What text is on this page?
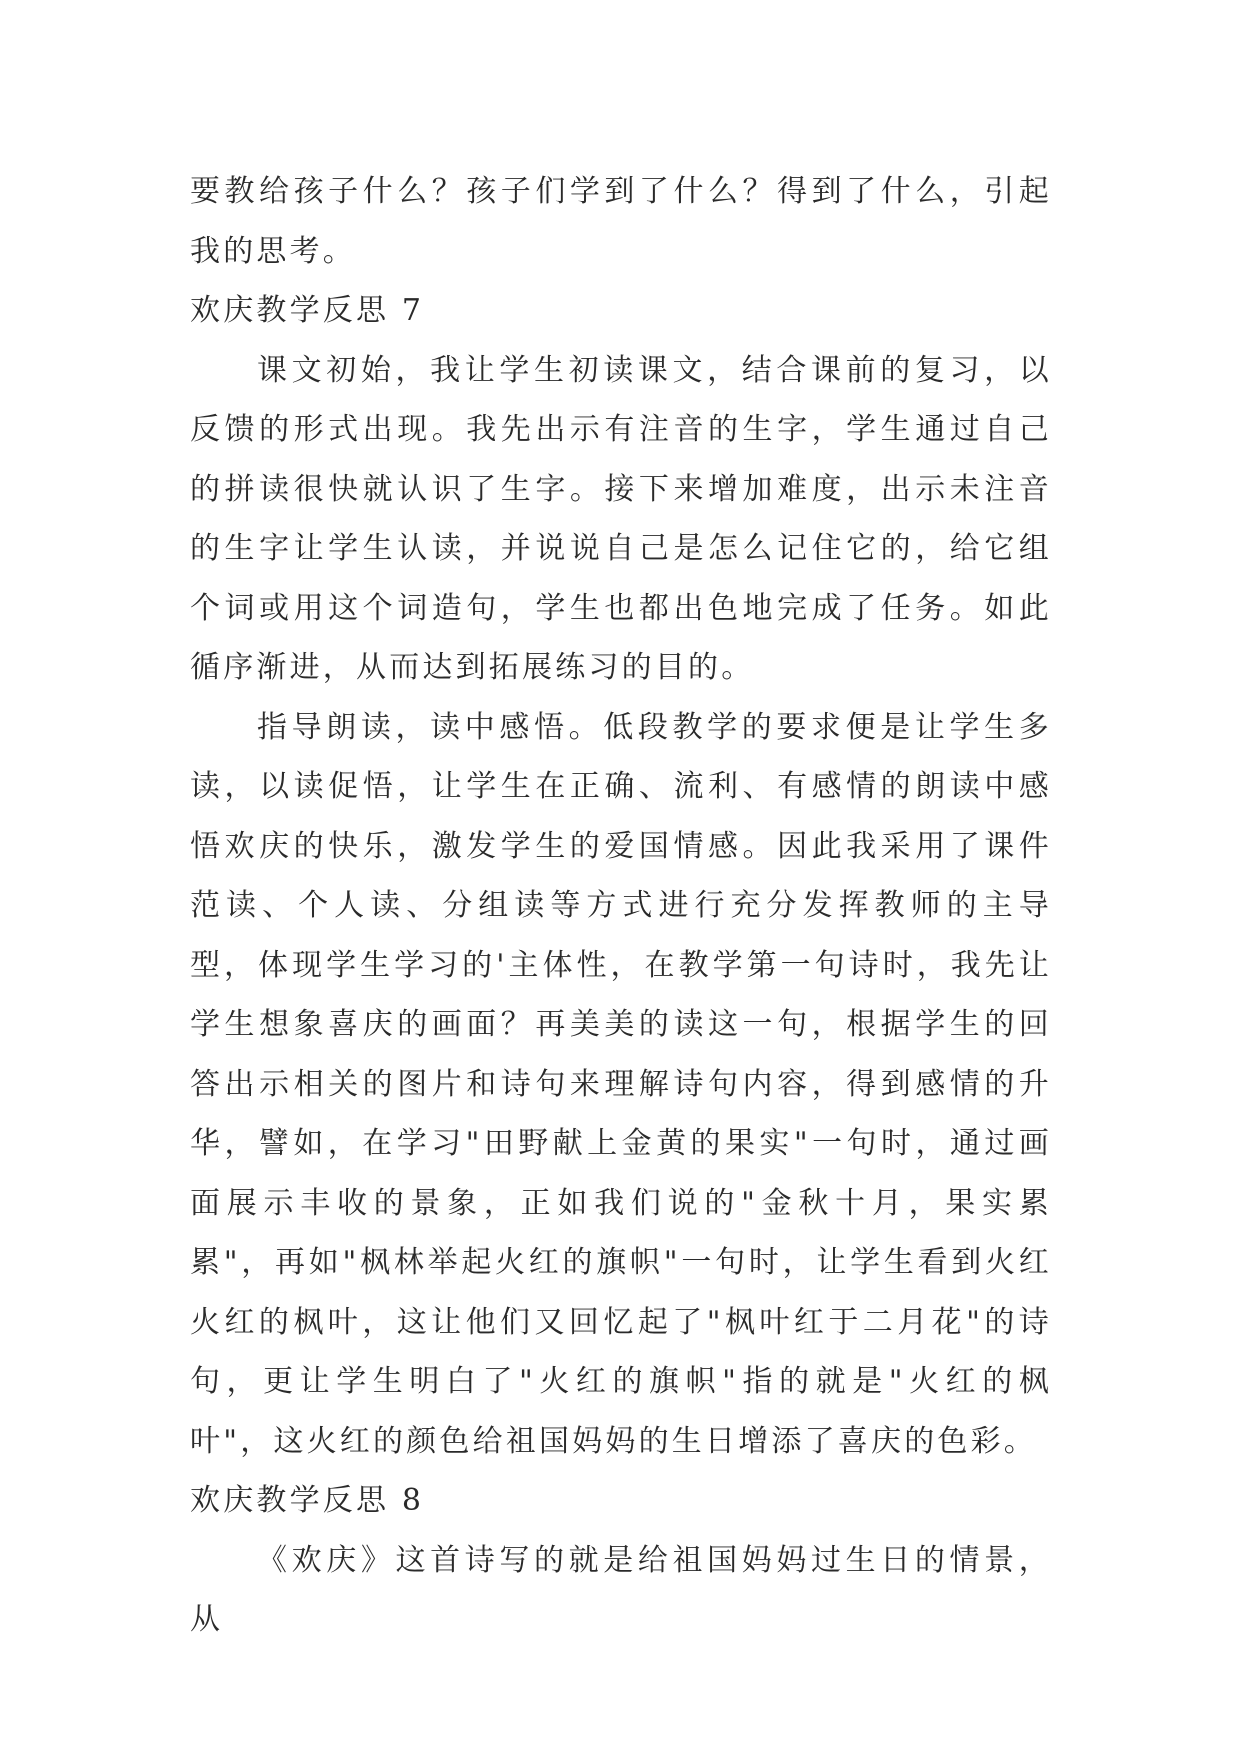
要教给孩子什么？孩子们学到了什么？得到了什么，引起我的思考。

欢庆教学反思 7

课文初始，我让学生初读课文，结合课前的复习，以反馈的形式出现。我先出示有注音的生字，学生通过自己的拼读很快就认识了生字。接下来增加难度，出示未注音的生字让学生认读，并说说自己是怎么记住它的，给它组个词或用这个词造句，学生也都出色地完成了任务。如此循序渐进，从而达到拓展练习的目的。

指导朗读，读中感悟。低段教学的要求便是让学生多读，以读促悟，让学生在正确、流利、有感情的朗读中感悟欢庆的快乐，激发学生的爱国情感。因此我采用了课件范读、个人读、分组读等方式进行充分发挥教师的主导型，体现学生学习的'主体性，在教学第一句诗时，我先让学生想象喜庆的画面？再美美的读这一句，根据学生的回答出示相关的图片和诗句来理解诗句内容，得到感情的升华，譬如，在学习"田野献上金黄的果实"一句时，通过画面展示丰收的景象，正如我们说的"金秋十月，果实累累"，再如"枫林举起火红的旗帜"一句时，让学生看到火红火红的枫叶，这让他们又回忆起了"枫叶红于二月花"的诗句，更让学生明白了"火红的旗帜"指的就是"火红的枫叶"，这火红的颜色给祖国妈妈的生日增添了喜庆的色彩。

欢庆教学反思 8

《欢庆》这首诗写的就是给祖国妈妈过生日的情景，从
